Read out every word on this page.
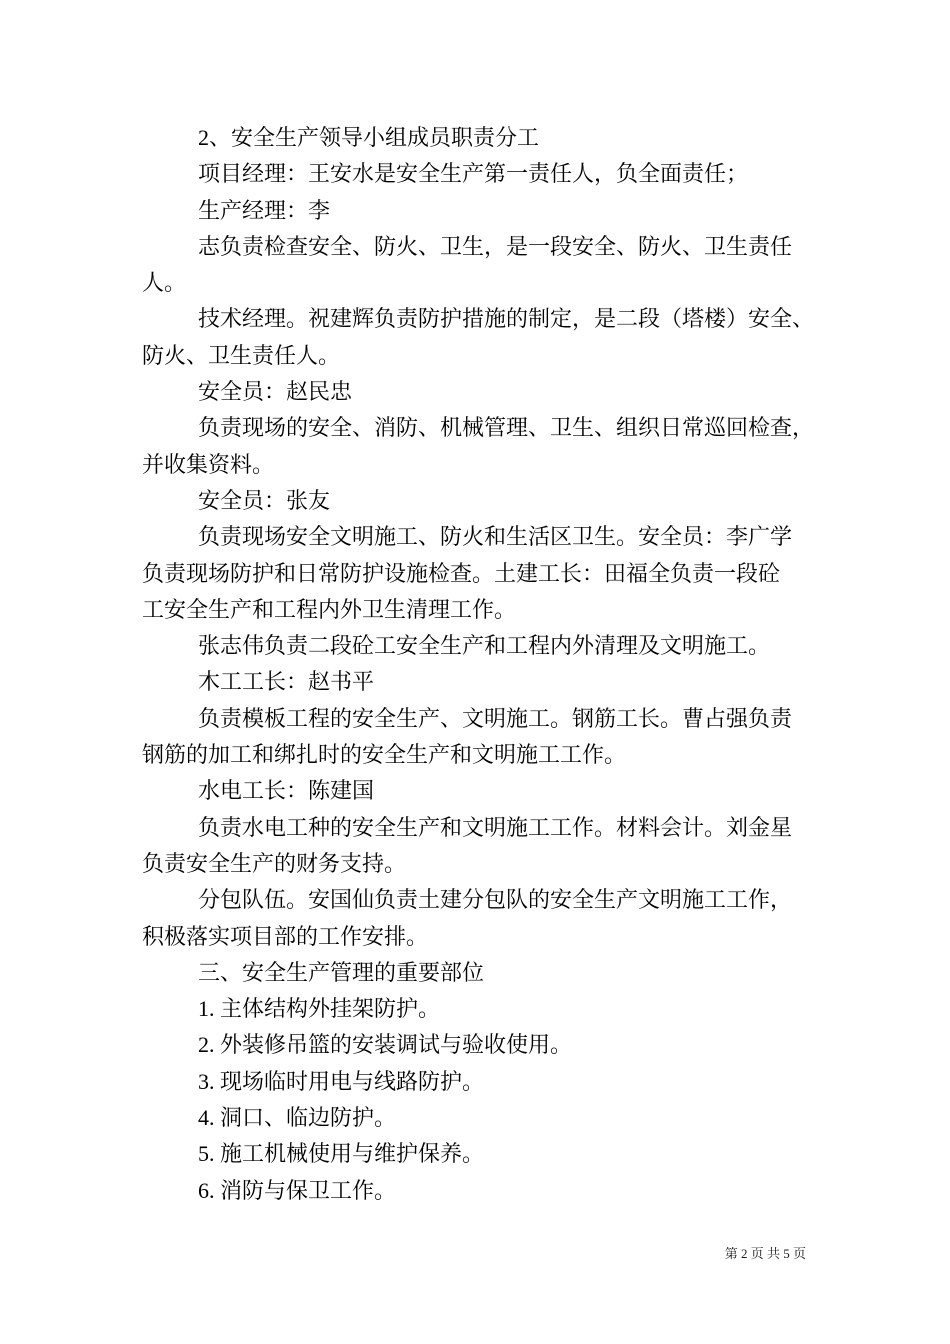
2、安全生产领导小组成员职责分工
项目经理：王安水是安全生产第一责任人，负全面责任；
生产经理：李
志负责检查安全、防火、卫生，是一段安全、防火、卫生责任
人。
技术经理。祝建辉负责防护措施的制定，是二段（塔楼）安全、
防火、卫生责任人。
安全员：赵民忠
负责现场的安全、消防、机械管理、卫生、组织日常巡回检查，
并收集资料。
安全员：张友
负责现场安全文明施工、防火和生活区卫生。安全员：李广学
负责现场防护和日常防护设施检查。土建工长：田福全负责一段砼
工安全生产和工程内外卫生清理工作。
张志伟负责二段砼工安全生产和工程内外清理及文明施工。
木工工长：赵书平
负责模板工程的安全生产、文明施工。钢筋工长。曹占强负责
钢筋的加工和绑扎时的安全生产和文明施工工作。
水电工长：陈建国
负责水电工种的安全生产和文明施工工作。材料会计。刘金星
负责安全生产的财务支持。
分包队伍。安国仙负责土建分包队的安全生产文明施工工作，
积极落实项目部的工作安排。
三、安全生产管理的重要部位
1. 主体结构外挂架防护。
2. 外装修吊篮的安装调试与验收使用。
3. 现场临时用电与线路防护。
4. 洞口、临边防护。
5. 施工机械使用与维护保养。
6. 消防与保卫工作。
第 2 页 共 5 页
